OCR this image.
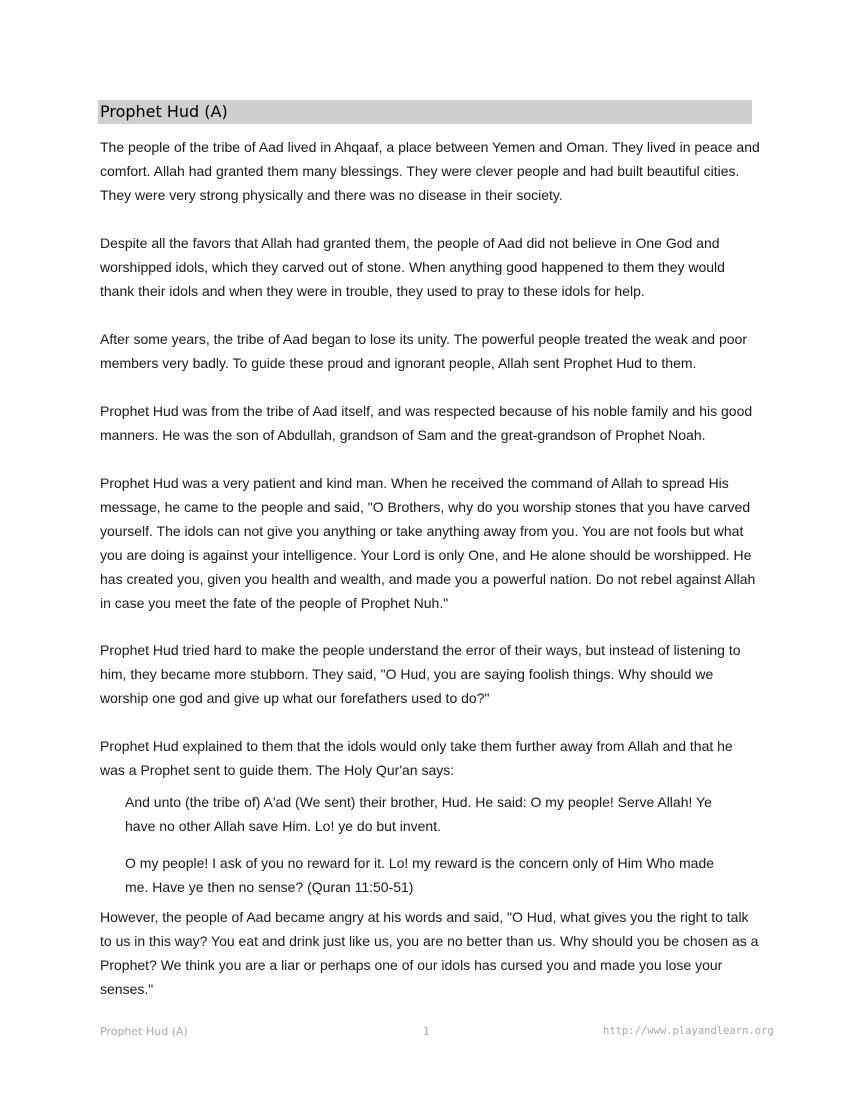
Prophet Hud (A)

The people of the tribe of Aad lived in Ahqaaf, a place between Yemen and Oman. They lived in peace and comfort. Allah had granted them many blessings. They were clever people and had built beautiful cities. They were very strong physically and there was no disease in their society.

Despite all the favors that Allah had granted them, the people of Aad did not believe in One God and worshipped idols, which they carved out of stone. When anything good happened to them they would thank their idols and when they were in trouble, they used to pray to these idols for help.

After some years, the tribe of Aad began to lose its unity. The powerful people treated the weak and poor members very badly. To guide these proud and ignorant people, Allah sent Prophet Hud to them.

Prophet Hud was from the tribe of Aad itself, and was respected because of his noble family and his good manners. He was the son of Abdullah, grandson of Sam and the great-grandson of Prophet Noah.

Prophet Hud was a very patient and kind man. When he received the command of Allah to spread His message, he came to the people and said, "O Brothers, why do you worship stones that you have carved yourself. The idols can not give you anything or take anything away from you. You are not fools but what you are doing is against your intelligence. Your Lord is only One, and He alone should be worshipped. He has created you, given you health and wealth, and made you a powerful nation. Do not rebel against Allah in case you meet the fate of the people of Prophet Nuh."

Prophet Hud tried hard to make the people understand the error of their ways, but instead of listening to him, they became more stubborn. They said, "O Hud, you are saying foolish things. Why should we worship one god and give up what our forefathers used to do?"

Prophet Hud explained to them that the idols would only take them further away from Allah and that he was a Prophet sent to guide them. The Holy Qur'an says:

And unto (the tribe of) A'ad (We sent) their brother, Hud. He said: O my people! Serve Allah! Ye have no other Allah save Him. Lo! ye do but invent.

O my people! I ask of you no reward for it. Lo! my reward is the concern only of Him Who made me. Have ye then no sense? (Quran 11:50-51)

However, the people of Aad became angry at his words and said, "O Hud, what gives you the right to talk to us in this way? You eat and drink just like us, you are no better than us. Why should you be chosen as a Prophet? We think you are a liar or perhaps one of our idols has cursed you and made you lose your senses."

Prophet Hud (A)	1	http://www.playandlearn.org
